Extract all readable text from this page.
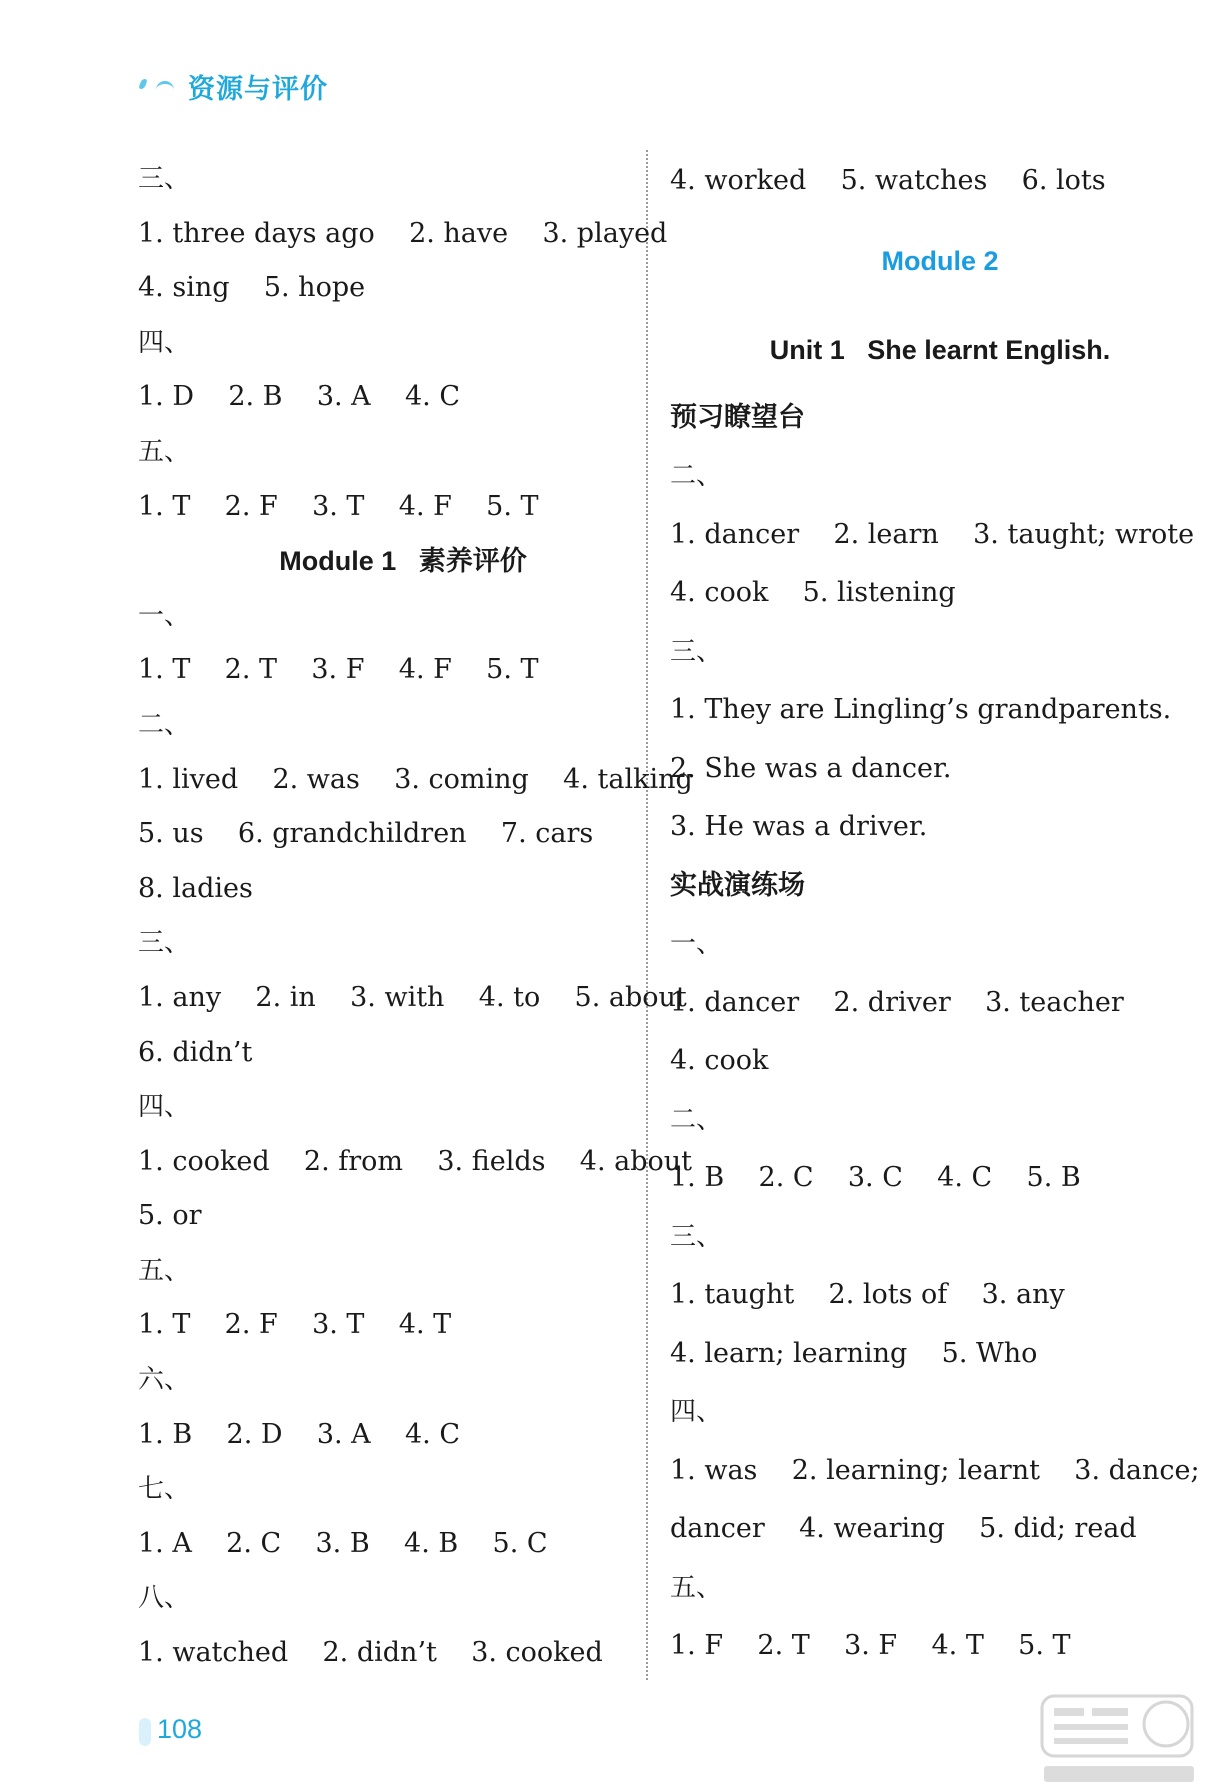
资源与评价
三、
1. three days ago    2. have    3. played
4. sing    5. hope
四、
1. D    2. B    3. A    4. C
五、
1. T    2. F    3. T    4. F    5. T
Module 1 素养评价
一、
1. T    2. T    3. F    4. F    5. T
二、
1. lived    2. was    3. coming    4. talking
5. us    6. grandchildren    7. cars
8. ladies
三、
1. any    2. in    3. with    4. to    5. about
6. didn’t
四、
1. cooked    2. from    3. fields    4. about
5. or
五、
1. T    2. F    3. T    4. T
六、
1. B    2. D    3. A    4. C
七、
1. A    2. C    3. B    4. B    5. C
八、
1. watched    2. didn’t    3. cooked
4. worked    5. watches    6. lots
Module 2
Unit 1   She learnt English.
预习瞭望台
二、
1. dancer    2. learn    3. taught; wrote
4. cook    5. listening
三、
1. They are Lingling’s grandparents.
2. She was a dancer.
3. He was a driver.
实战演练场
一、
1. dancer    2. driver    3. teacher
4. cook
二、
1. B    2. C    3. C    4. C    5. B
三、
1. taught    2. lots of    3. any
4. learn; learning    5. Who
四、
1. was    2. learning; learnt    3. dance;
dancer    4. wearing    5. did; read
五、
1. F    2. T    3. F    4. T    5. T
108
